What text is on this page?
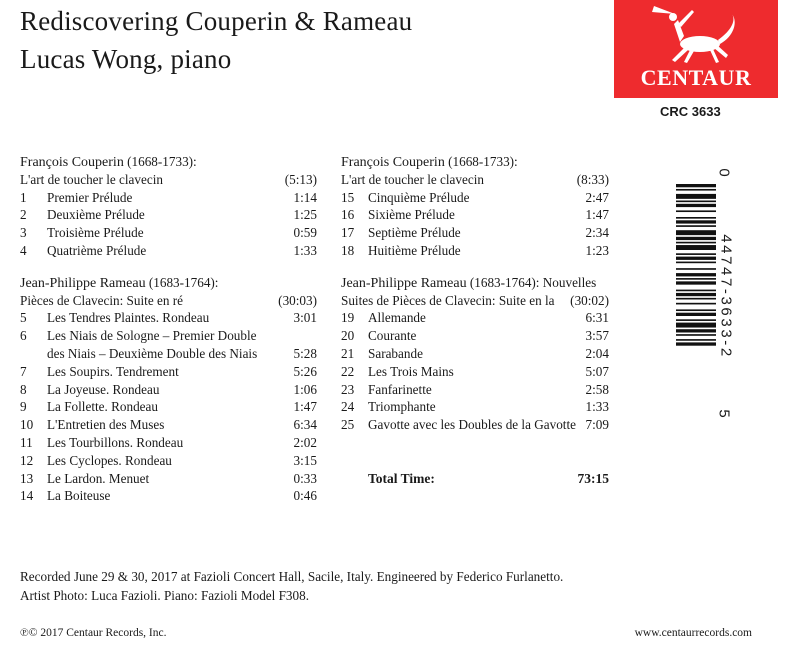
Rediscovering Couperin & Rameau
Lucas Wong, piano
CENTAUR
CRC 3633
François Couperin (1668-1733):
L'art de toucher le clavecin	(5:13)
1 Premier Prélude	1:14
2 Deuxième Prélude	1:25
3 Troisième Prélude	0:59
4 Quatrième Prélude	1:33
Jean-Philippe Rameau (1683-1764):
Pièces de Clavecin: Suite en ré	(30:03)
5 Les Tendres Plaintes. Rondeau	3:01
6 Les Niais de Sologne – Premier Double
des Niais – Deuxième Double des Niais	5:28
7 Les Soupirs. Tendrement	5:26
8 La Joyeuse. Rondeau	1:06
9 La Follette. Rondeau	1:47
10 L'Entretien des Muses	6:34
11 Les Tourbillons. Rondeau	2:02
12 Les Cyclopes. Rondeau	3:15
13 Le Lardon. Menuet	0:33
14 La Boiteuse	0:46
François Couperin (1668-1733):
L'art de toucher le clavecin	(8:33)
15 Cinquième Prélude	2:47
16 Sixième Prélude	1:47
17 Septième Prélude	2:34
18 Huitième Prélude	1:23
Jean-Philippe Rameau (1683-1764): Nouvelles
Suites de Pièces de Clavecin: Suite en la (30:02)
19 Allemande	6:31
20 Courante	3:57
21 Sarabande	2:04
22 Les Trois Mains	5:07
23 Fanfarinette	2:58
24 Triomphante	1:33
25 Gavotte avec les Doubles de la Gavotte 7:09
Total Time:	73:15
0
44747-3633-2
5
Recorded June 29 & 30, 2017 at Fazioli Concert Hall, Sacile, Italy. Engineered by Federico Furlanetto.
Artist Photo: Luca Fazioli. Piano: Fazioli Model F308.
℗© 2017 Centaur Records, Inc.	www.centaurrecords.com
